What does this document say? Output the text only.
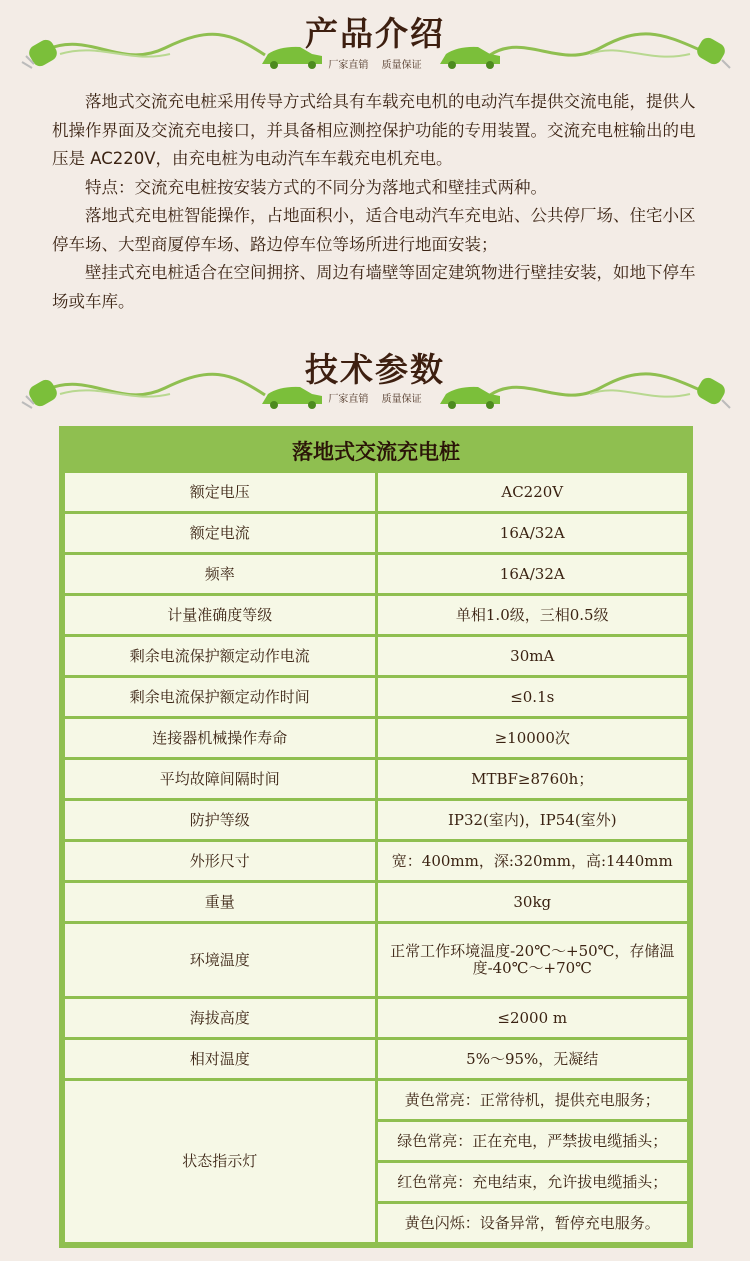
产品介绍
厂家直销 质量保证

落地式交流充电桩采用传导方式给具有车载充电机的电动汽车提供交流电能，提供人机操作界面及交流充电接口，并具备相应测控保护功能的专用装置。交流充电桩输出的电压是 AC220V，由充电桩为电动汽车车载充电机充电。

特点：交流充电桩按安装方式的不同分为落地式和壁挂式两种。

落地式充电桩智能操作，占地面积小，适合电动汽车充电站、公共停厂场、住宅小区停车场、大型商厦停车场、路边停车位等场所进行地面安装；

壁挂式充电桩适合在空间拥挤、周边有墙壁等固定建筑物进行壁挂安装，如地下停车场或车库。

技术参数
厂家直销 质量保证
落地式交流充电桩	
额定电压	AC220V
额定电流	16A/32A
频率	16A/32A
计量准确度等级	单相1.0级，三相0.5级
剩余电流保护额定动作电流	30mA
剩余电流保护额定动作时间	≤0.1s
连接器机械操作寿命	≥10000次
平均故障间隔时间	MTBF≥8760h；
防护等级	IP32(室内)，IP54(室外)
外形尺寸	宽：400mm，深:320mm，高:1440mm
重量	30kg
环境温度	正常工作环境温度-20℃～+50℃，存储温度-40℃～+70℃
海拔高度	≤2000 m
相对温度	5%～95%，无凝结
状态指示灯	黄色常亮：正常待机，提供充电服务；
	绿色常亮：正在充电，严禁拔电缆插头；
	红色常亮：充电结束，允许拔电缆插头；
	黄色闪烁：设备异常，暂停充电服务。
